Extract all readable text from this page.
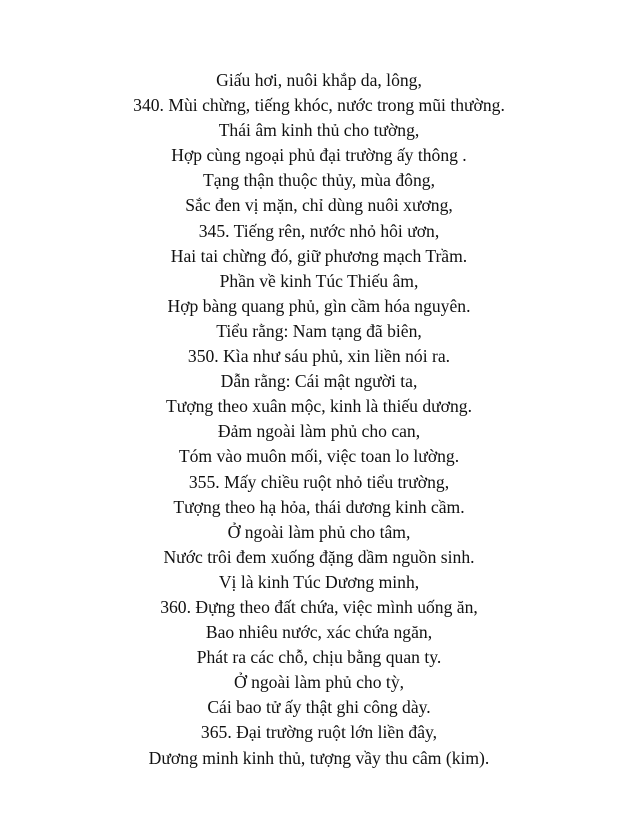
Giấu hơi, nuôi khắp da, lông,
340. Mùi chừng, tiếng khóc, nước trong mũi thường.
Thái âm kinh thủ cho tường,
Hợp cùng ngoại phủ đại trường ấy thông .
Tạng thận thuộc thủy, mùa đông,
Sắc đen vị mặn, chỉ dùng nuôi xương,
345. Tiếng rên, nước nhỏ hôi ươn,
Hai tai chừng đó, giữ phương mạch Trầm.
Phần về kinh Túc Thiếu âm,
Hợp bàng quang phủ, gìn cầm hóa nguyên.
Tiểu rằng: Nam tạng đã biên,
350. Kìa như sáu phủ, xin liền nói ra.
Dẫn rằng: Cái mật người ta,
Tượng theo xuân mộc, kinh là thiếu dương.
Đảm ngoài làm phủ cho can,
Tóm vào muôn mối, việc toan lo lường.
355. Mấy chiều ruột nhỏ tiểu trường,
Tượng theo hạ hỏa, thái dương kinh cầm.
Ở ngoài làm phủ cho tâm,
Nước trôi đem xuống đặng dầm nguồn sinh.
Vị là kinh Túc Dương minh,
360. Đựng theo đất chứa, việc mình uống ăn,
Bao nhiêu nước, xác chứa ngăn,
Phát ra các chỗ, chịu bằng quan ty.
Ở ngoài làm phủ cho tỳ,
Cái bao tử ấy thật ghi công dày.
365. Đại trường ruột lớn liền đây,
Dương minh kinh thủ, tượng vầy thu câm (kim).
